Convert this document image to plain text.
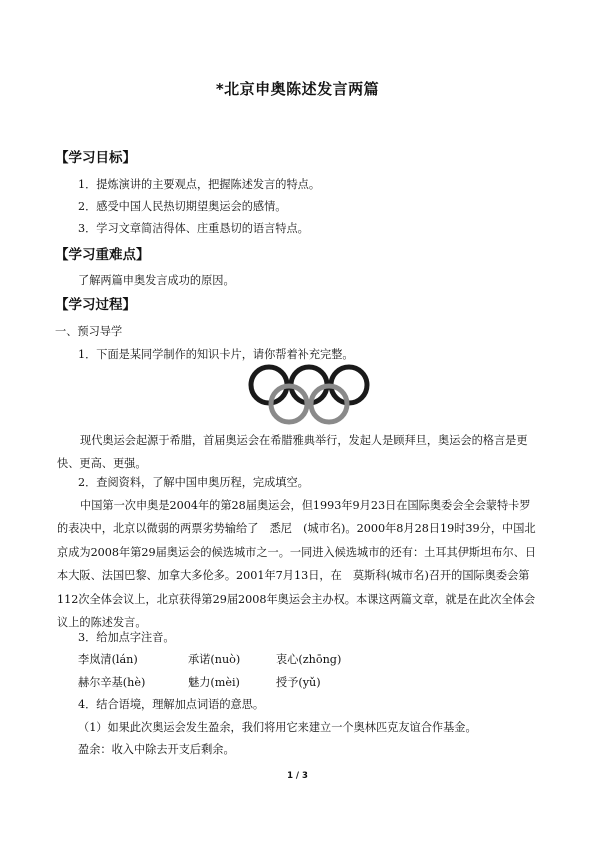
*北京申奥陈述发言两篇
【学习目标】
1．提炼演讲的主要观点，把握陈述发言的特点。
2．感受中国人民热切期望奥运会的感情。
3．学习文章简洁得体、庄重恳切的语言特点。
【学习重难点】
了解两篇申奥发言成功的原因。
【学习过程】
一、预习导学
1．下面是某同学制作的知识卡片，请你帮着补充完整。
现代奥运会起源于希腊，首届奥运会在希腊雅典举行，发起人是顾拜旦，奥运会的格言是更快、更高、更强。
2．查阅资料，了解中国申奥历程，完成填空。
中国第一次申奥是2004年的第28届奥运会，但1993年9月23日在国际奥委会全会蒙特卡罗的表决中，北京以微弱的两票劣势输给了　悉尼　(城市名)。2000年8月28日19时39分，中国北京成为2008年第29届奥运会的候选城市之一。一同进入候选城市的还有：土耳其伊斯坦布尔、日本大阪、法国巴黎、加拿大多伦多。2001年7月13日，在　莫斯科(城市名)召开的国际奥委会第112次全体会议上，北京获得第29届2008年奥运会主办权。本课这两篇文章，就是在此次全体会议上的陈述发言。
3．给加点字注音。
李岚清(lán)	承诺(nuò)	衷心(zhōng)
赫尔辛基(hè)	魅力(mèi)	授予(yǔ)
4．结合语境，理解加点词语的意思。
（1）如果此次奥运会发生盈余，我们将用它来建立一个奥林匹克友谊合作基金。
盈余：收入中除去开支后剩余。
1 / 3
